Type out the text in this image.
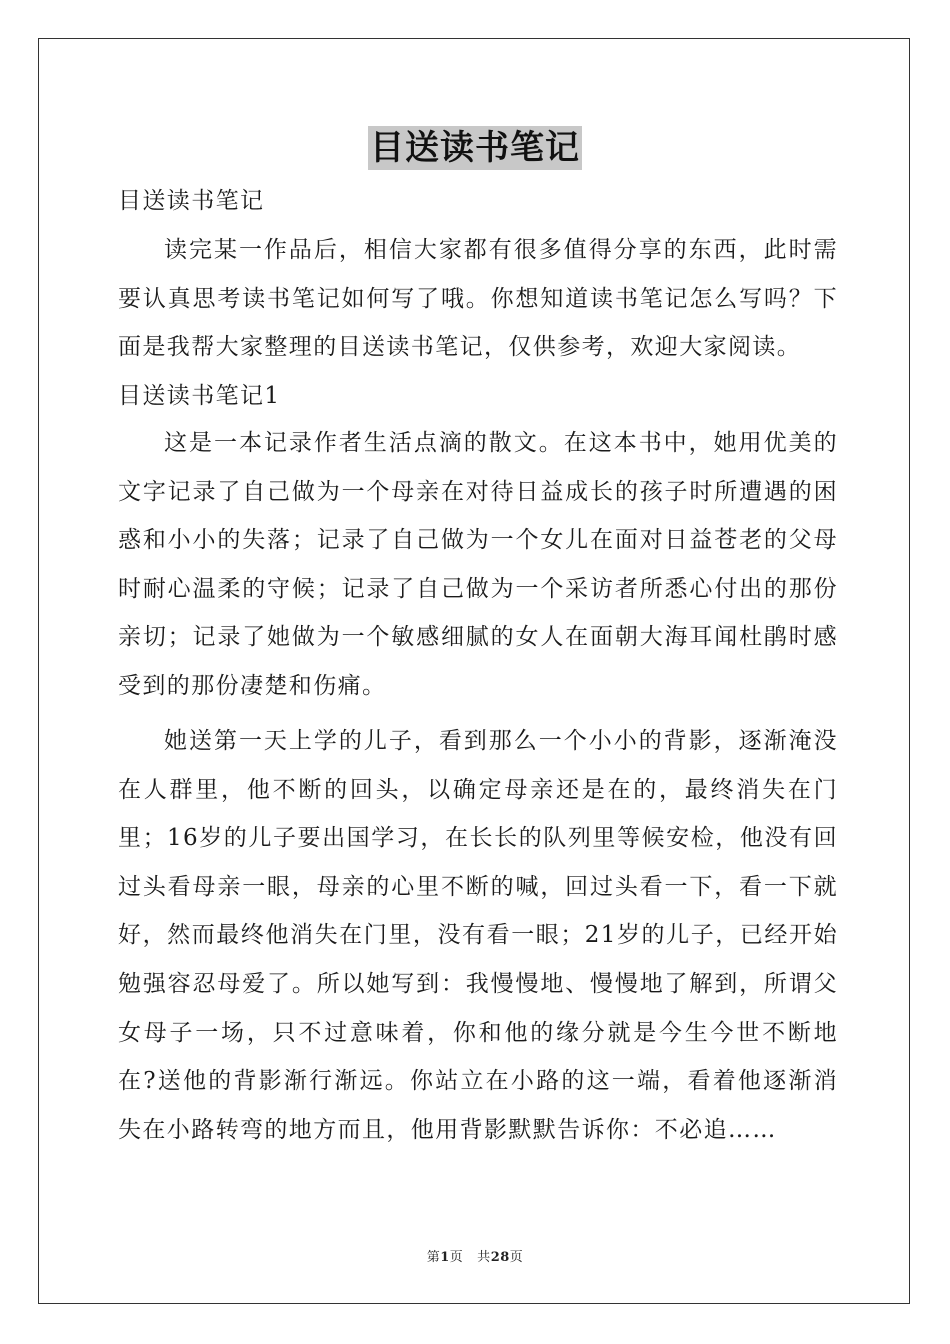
目送读书笔记

目送读书笔记

读完某一作品后，相信大家都有很多值得分享的东西，此时需要认真思考读书笔记如何写了哦。你想知道读书笔记怎么写吗？下面是我帮大家整理的目送读书笔记，仅供参考，欢迎大家阅读。

目送读书笔记1

这是一本记录作者生活点滴的散文。在这本书中，她用优美的文字记录了自己做为一个母亲在对待日益成长的孩子时所遭遇的困惑和小小的失落；记录了自己做为一个女儿在面对日益苍老的父母时耐心温柔的守候；记录了自己做为一个采访者所悉心付出的那份亲切；记录了她做为一个敏感细腻的女人在面朝大海耳闻杜鹃时感受到的那份凄楚和伤痛。

她送第一天上学的儿子，看到那么一个小小的背影，逐渐淹没在人群里，他不断的回头，以确定母亲还是在的，最终消失在门里；16岁的儿子要出国学习，在长长的队列里等候安检，他没有回过头看母亲一眼，母亲的心里不断的喊，回过头看一下，看一下就好，然而最终他消失在门里，没有看一眼；21岁的儿子，已经开始勉强容忍母爱了。所以她写到：我慢慢地、慢慢地了解到，所谓父女母子一场，只不过意味着，你和他的缘分就是今生今世不断地在?送他的背影渐行渐远。你站立在小路的这一端，看着他逐渐消失在小路转弯的地方而且，他用背影默默告诉你：不必追……

第1页 共28页
